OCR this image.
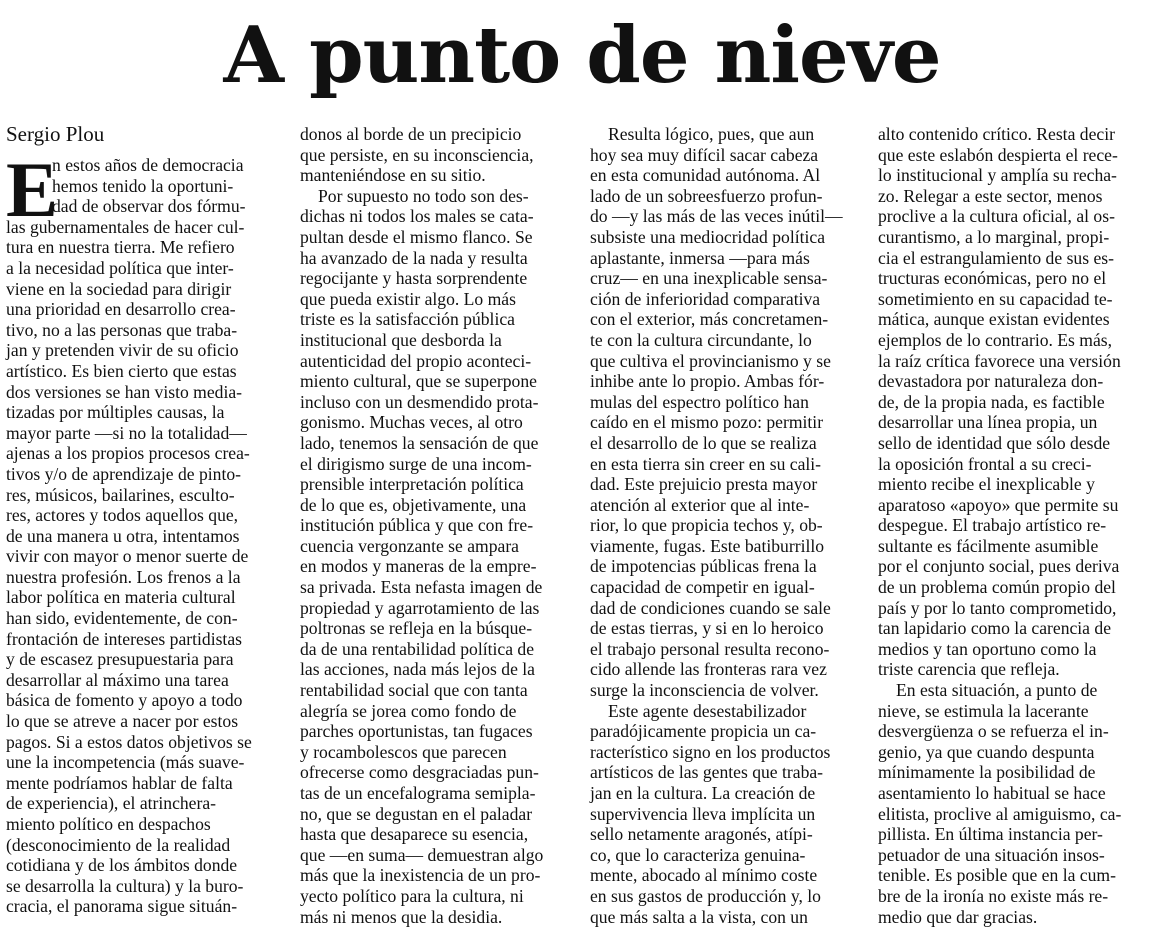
A punto de nieve

Sergio Plou

E
n estos años de democracia
hemos tenido la oportuni-
dad de observar dos fórmu-
las gubernamentales de hacer cul-
tura en nuestra tierra. Me refiero
a la necesidad política que inter-
viene en la sociedad para dirigir
una prioridad en desarrollo crea-
tivo, no a las personas que traba-
jan y pretenden vivir de su oficio
artístico. Es bien cierto que estas
dos versiones se han visto media-
tizadas por múltiples causas, la
mayor parte —si no la totalidad—
ajenas a los propios procesos crea-
tivos y/o de aprendizaje de pinto-
res, músicos, bailarines, esculto-
res, actores y todos aquellos que,
de una manera u otra, intentamos
vivir con mayor o menor suerte de
nuestra profesión. Los frenos a la
labor política en materia cultural
han sido, evidentemente, de con-
frontación de intereses partidistas
y de escasez presupuestaria para
desarrollar al máximo una tarea
básica de fomento y apoyo a todo
lo que se atreve a nacer por estos
pagos. Si a estos datos objetivos se
une la incompetencia (más suave-
mente podríamos hablar de falta
de experiencia), el atrinchera-
miento político en despachos
(desconocimiento de la realidad
cotidiana y de los ámbitos donde
se desarrolla la cultura) y la buro-
cracia, el panorama sigue situán-
donos al borde de un precipicio
que persiste, en su inconsciencia,
manteniéndose en su sitio.
Por supuesto no todo son des-
dichas ni todos los males se cata-
pultan desde el mismo flanco. Se
ha avanzado de la nada y resulta
regocijante y hasta sorprendente
que pueda existir algo. Lo más
triste es la satisfacción pública
institucional que desborda la
autenticidad del propio aconteci-
miento cultural, que se superpone
incluso con un desmendido prota-
gonismo. Muchas veces, al otro
lado, tenemos la sensación de que
el dirigismo surge de una incom-
prensible interpretación política
de lo que es, objetivamente, una
institución pública y que con fre-
cuencia vergonzante se ampara
en modos y maneras de la empre-
sa privada. Esta nefasta imagen de
propiedad y agarrotamiento de las
poltronas se refleja en la búsque-
da de una rentabilidad política de
las acciones, nada más lejos de la
rentabilidad social que con tanta
alegría se jorea como fondo de
parches oportunistas, tan fugaces
y rocambolescos que parecen
ofrecerse como desgraciadas pun-
tas de un encefalograma semipla-
no, que se degustan en el paladar
hasta que desaparece su esencia,
que —en suma— demuestran algo
más que la inexistencia de un pro-
yecto político para la cultura, ni
más ni menos que la desidia.
Resulta lógico, pues, que aun
hoy sea muy difícil sacar cabeza
en esta comunidad autónoma. Al
lado de un sobreesfuerzo profun-
do —y las más de las veces inútil—
subsiste una mediocridad política
aplastante, inmersa —para más
cruz— en una inexplicable sensa-
ción de inferioridad comparativa
con el exterior, más concretamen-
te con la cultura circundante, lo
que cultiva el provincianismo y se
inhibe ante lo propio. Ambas fór-
mulas del espectro político han
caído en el mismo pozo: permitir
el desarrollo de lo que se realiza
en esta tierra sin creer en su cali-
dad. Este prejuicio presta mayor
atención al exterior que al inte-
rior, lo que propicia techos y, ob-
viamente, fugas. Este batiburrillo
de impotencias públicas frena la
capacidad de competir en igual-
dad de condiciones cuando se sale
de estas tierras, y si en lo heroico
el trabajo personal resulta recono-
cido allende las fronteras rara vez
surge la inconsciencia de volver.
Este agente desestabilizador
paradójicamente propicia un ca-
racterístico signo en los productos
artísticos de las gentes que traba-
jan en la cultura. La creación de
supervivencia lleva implícita un
sello netamente aragonés, atípi-
co, que lo caracteriza genuina-
mente, abocado al mínimo coste
en sus gastos de producción y, lo
que más salta a la vista, con un
alto contenido crítico. Resta decir
que este eslabón despierta el rece-
lo institucional y amplía su recha-
zo. Relegar a este sector, menos
proclive a la cultura oficial, al os-
curantismo, a lo marginal, propi-
cia el estrangulamiento de sus es-
tructuras económicas, pero no el
sometimiento en su capacidad te-
mática, aunque existan evidentes
ejemplos de lo contrario. Es más,
la raíz crítica favorece una versión
devastadora por naturaleza don-
de, de la propia nada, es factible
desarrollar una línea propia, un
sello de identidad que sólo desde
la oposición frontal a su creci-
miento recibe el inexplicable y
aparatoso «apoyo» que permite su
despegue. El trabajo artístico re-
sultante es fácilmente asumible
por el conjunto social, pues deriva
de un problema común propio del
país y por lo tanto comprometido,
tan lapidario como la carencia de
medios y tan oportuno como la
triste carencia que refleja.
En esta situación, a punto de
nieve, se estimula la lacerante
desvergüenza o se refuerza el in-
genio, ya que cuando despunta
mínimamente la posibilidad de
asentamiento lo habitual se hace
elitista, proclive al amiguismo, ca-
pillista. En última instancia per-
petuador de una situación insos-
tenible. Es posible que en la cum-
bre de la ironía no existe más re-
medio que dar gracias.
